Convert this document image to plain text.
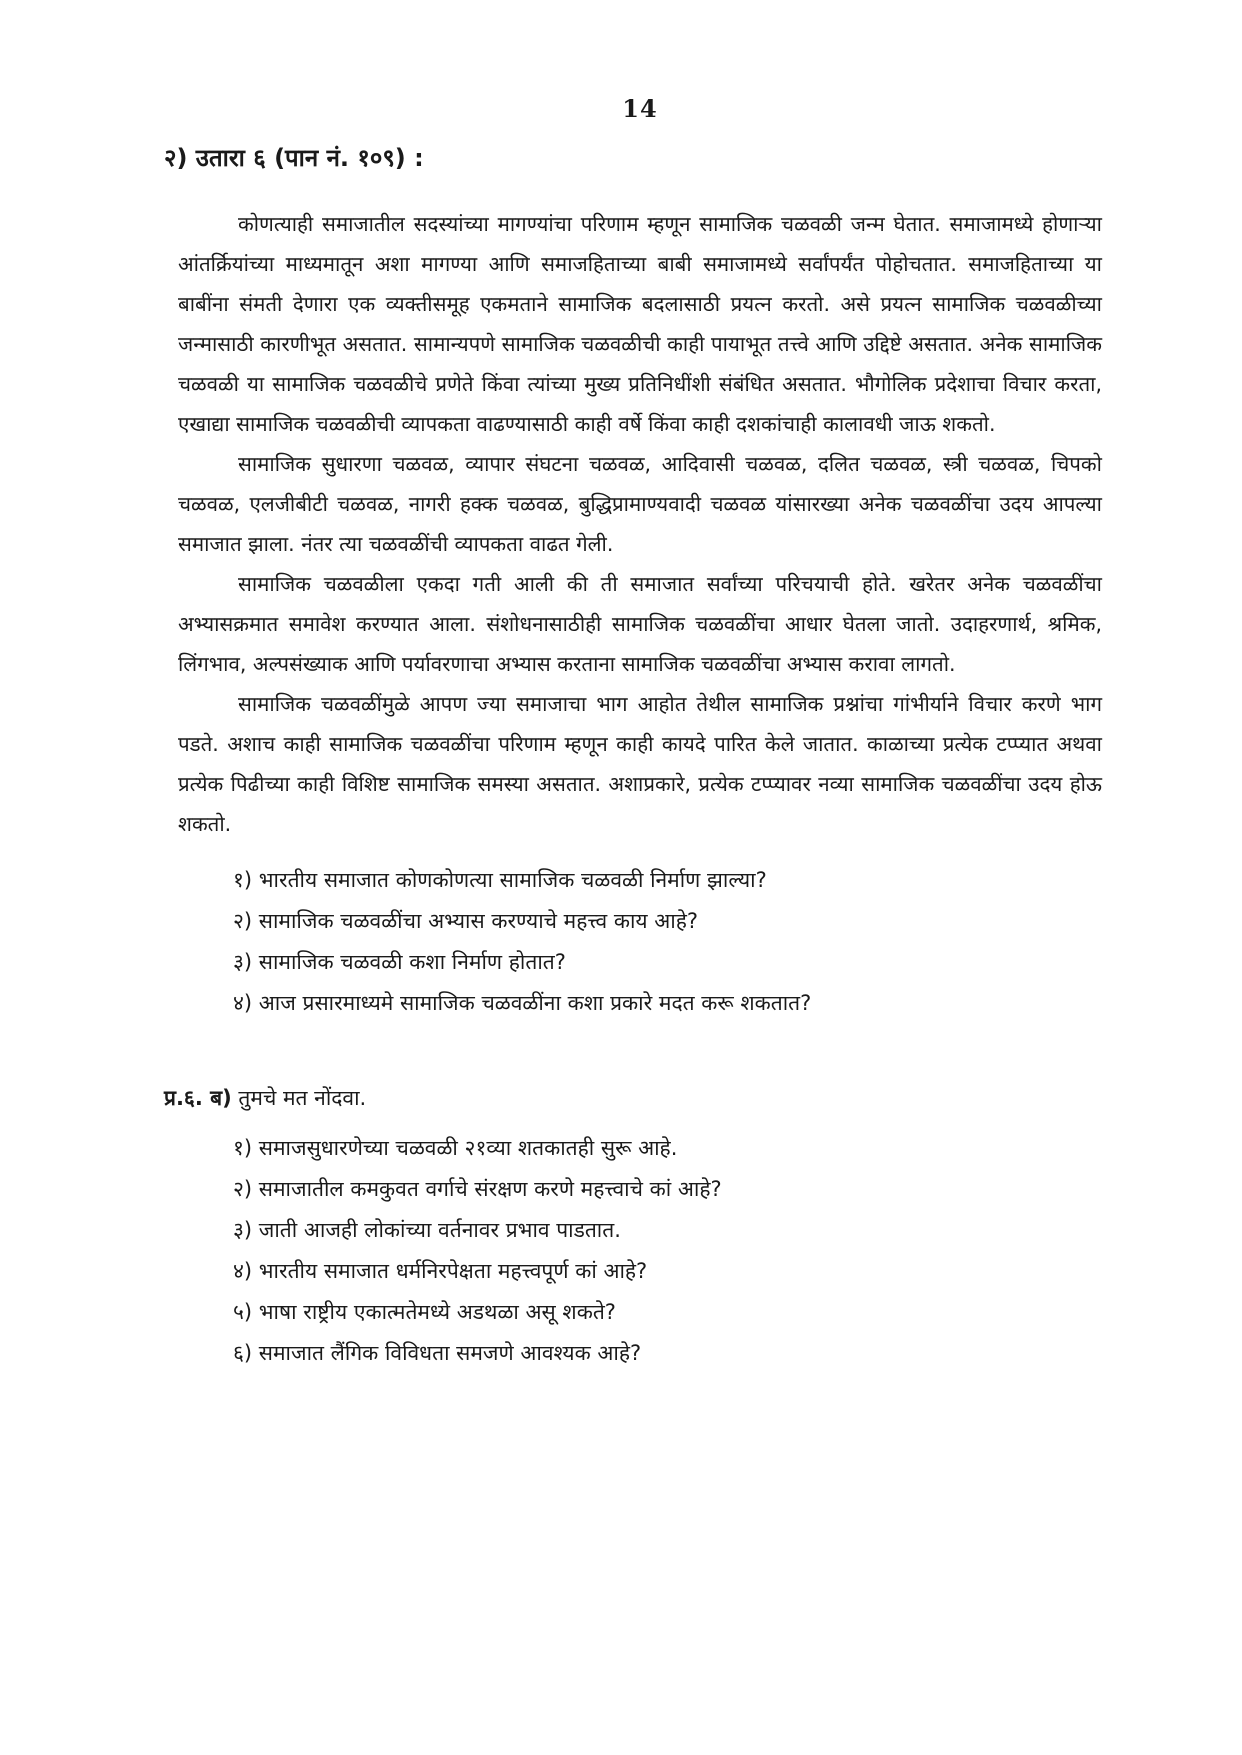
14
२) उतारा ६ (पान नं. १०९) :

कोणत्याही समाजातील सदस्यांच्या मागण्यांचा परिणाम म्हणून सामाजिक चळवळी जन्म घेतात. समाजामध्ये होणाऱ्या आंतर्क्रियांच्या माध्यमातून अशा मागण्या आणि समाजहिताच्या बाबी समाजामध्ये सर्वांपर्यंत पोहोचतात. समाजहिताच्या या बाबींना संमती देणारा एक व्यक्तीसमूह एकमताने सामाजिक बदलासाठी प्रयत्न करतो. असे प्रयत्न सामाजिक चळवळीच्या जन्मासाठी कारणीभूत असतात. सामान्यपणे सामाजिक चळवळीची काही पायाभूत तत्त्वे आणि उद्दिष्टे असतात. अनेक सामाजिक चळवळी या सामाजिक चळवळीचे प्रणेते किंवा त्यांच्या मुख्य प्रतिनिधींशी संबंधित असतात. भौगोलिक प्रदेशाचा विचार करता, एखाद्या सामाजिक चळवळीची व्यापकता वाढण्यासाठी काही वर्षे किंवा काही दशकांचाही कालावधी जाऊ शकतो.

सामाजिक सुधारणा चळवळ, व्यापार संघटना चळवळ, आदिवासी चळवळ, दलित चळवळ, स्त्री चळवळ, चिपको चळवळ, एलजीबीटी चळवळ, नागरी हक्क चळवळ, बुद्धिप्रामाण्यवादी चळवळ यांसारख्या अनेक चळवळींचा उदय आपल्या समाजात झाला. नंतर त्या चळवळींची व्यापकता वाढत गेली.

सामाजिक चळवळीला एकदा गती आली की ती समाजात सर्वांच्या परिचयाची होते. खरेतर अनेक चळवळींचा अभ्यासक्रमात समावेश करण्यात आला. संशोधनासाठीही सामाजिक चळवळींचा आधार घेतला जातो. उदाहरणार्थ, श्रमिक, लिंगभाव, अल्पसंख्याक आणि पर्यावरणाचा अभ्यास करताना सामाजिक चळवळींचा अभ्यास करावा लागतो.

सामाजिक चळवळींमुळे आपण ज्या समाजाचा भाग आहोत तेथील सामाजिक प्रश्नांचा गांभीर्याने विचार करणे भाग पडते. अशाच काही सामाजिक चळवळींचा परिणाम म्हणून काही कायदे पारित केले जातात. काळाच्या प्रत्येक टप्प्यात अथवा प्रत्येक पिढीच्या काही विशिष्ट सामाजिक समस्या असतात. अशाप्रकारे, प्रत्येक टप्प्यावर नव्या सामाजिक चळवळींचा उदय होऊ शकतो.

१) भारतीय समाजात कोणकोणत्या सामाजिक चळवळी निर्माण झाल्या?
२) सामाजिक चळवळींचा अभ्यास करण्याचे महत्त्व काय आहे?
३) सामाजिक चळवळी कशा निर्माण होतात?
४) आज प्रसारमाध्यमे सामाजिक चळवळींना कशा प्रकारे मदत करू शकतात?
प्र.६. ब) तुमचे मत नोंदवा.
१) समाजसुधारणेच्या चळवळी २१व्या शतकातही सुरू आहे.
२) समाजातील कमकुवत वर्गाचे संरक्षण करणे महत्त्वाचे कां आहे?
३) जाती आजही लोकांच्या वर्तनावर प्रभाव पाडतात.
४) भारतीय समाजात धर्मनिरपेक्षता महत्त्वपूर्ण कां आहे?
५) भाषा राष्ट्रीय एकात्मतेमध्ये अडथळा असू शकते?
६) समाजात लैंगिक विविधता समजणे आवश्यक आहे?
